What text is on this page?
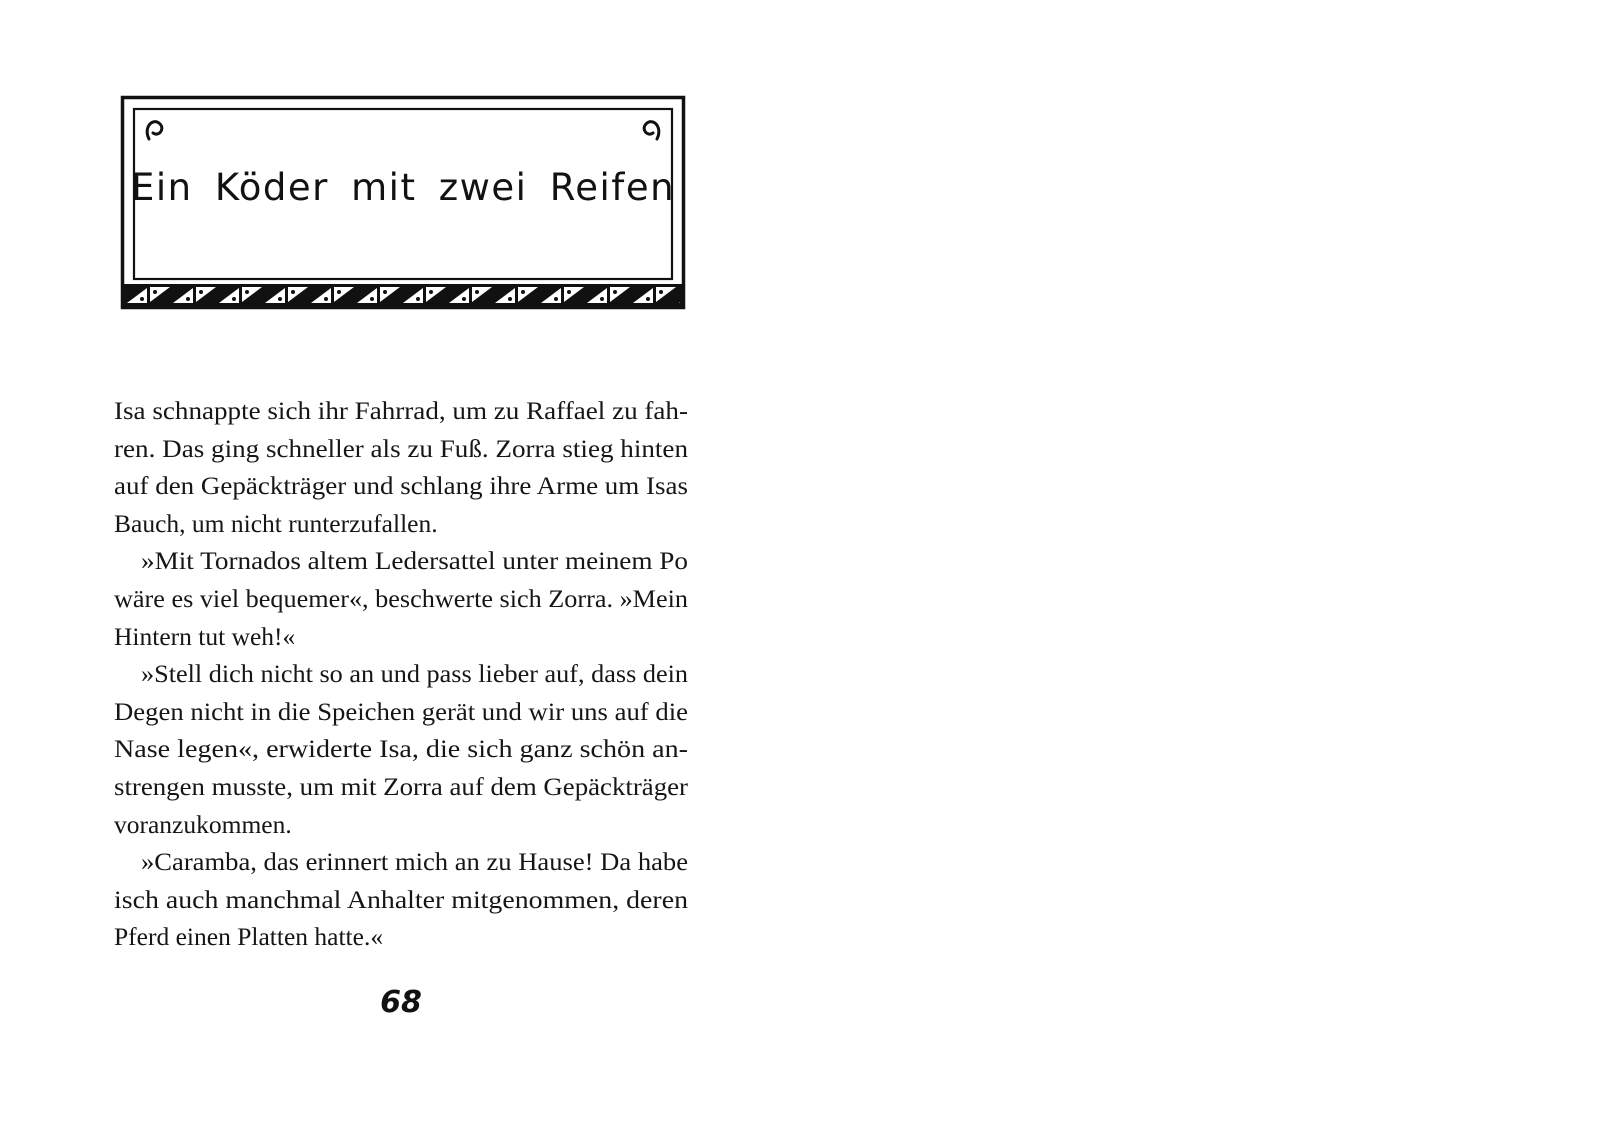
Ein Köder mit zwei Reifen
Isa schnappte sich ihr Fahrrad, um zu Raffael zu fah-
ren. Das ging schneller als zu Fuß. Zorra stieg hinten
auf den Gepäckträger und schlang ihre Arme um Isas
Bauch, um nicht runterzufallen.
»Mit Tornados altem Ledersattel unter meinem Po
wäre es viel bequemer«, beschwerte sich Zorra. »Mein
Hintern tut weh!«
»Stell dich nicht so an und pass lieber auf, dass dein
Degen nicht in die Speichen gerät und wir uns auf die
Nase legen«, erwiderte Isa, die sich ganz schön an-
strengen musste, um mit Zorra auf dem Gepäckträger
voranzukommen.
»Caramba, das erinnert mich an zu Hause! Da habe
isch auch manchmal Anhalter mitgenommen, deren
Pferd einen Platten hatte.«
68
